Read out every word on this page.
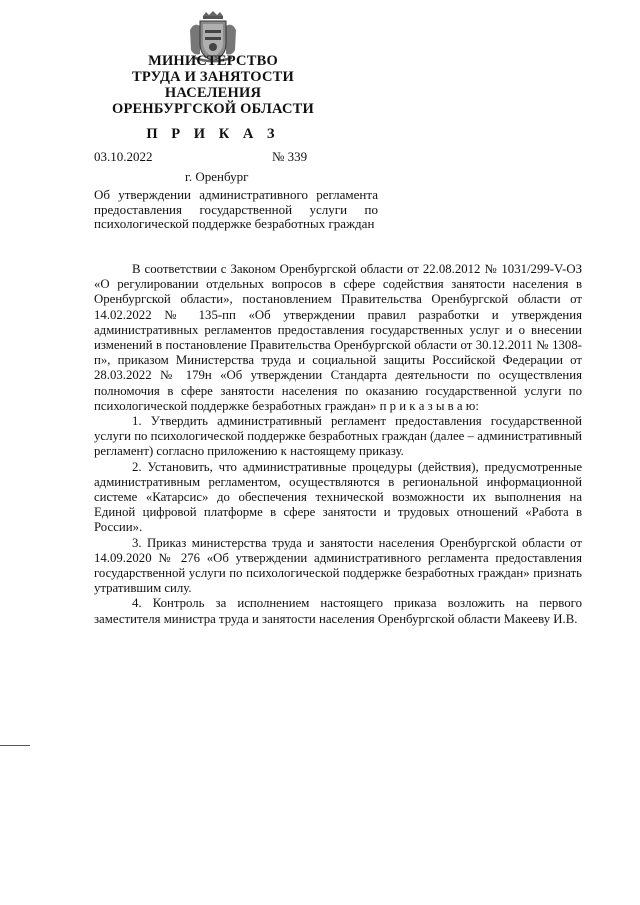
МИНИСТЕРСТВО
ТРУДА И ЗАНЯТОСТИ
НАСЕЛЕНИЯ
ОРЕНБУРГСКОЙ ОБЛАСТИ
П Р И К А З
03.10.2022	№ 339
г. Оренбург
Об утверждении административного регламента предоставления государственной услуги по психологической поддержке безработных граждан

В соответствии с Законом Оренбургской области от 22.08.2012 № 1031/299-V-ОЗ «О регулировании отдельных вопросов в сфере содействия занятости населения в Оренбургской области», постановлением Правительства Оренбургской области от 14.02.2022 № 135-пп «Об утверждении правил разработки и утверждения административных регламентов предоставления государственных услуг и о внесении изменений в постановление Правительства Оренбургской области от 30.12.2011 № 1308-п», приказом Министерства труда и социальной защиты Российской Федерации от 28.03.2022 № 179н «Об утверждении Стандарта деятельности по осуществления полномочия в сфере занятости населения по оказанию государственной услуги по психологической поддержке безработных граждан» п р и к а з ы в а ю:

1. Утвердить административный регламент предоставления государственной услуги по психологической поддержке безработных граждан (далее – административный регламент) согласно приложению к настоящему приказу.

2. Установить, что административные процедуры (действия), предусмотренные административным регламентом, осуществляются в региональной информационной системе «Катарсис» до обеспечения технической возможности их выполнения на Единой цифровой платформе в сфере занятости и трудовых отношений «Работа в России».

3. Приказ министерства труда и занятости населения Оренбургской области от 14.09.2020 № 276 «Об утверждении административного регламента предоставления государственной услуги по психологической поддержке безработных граждан» признать утратившим силу.

4. Контроль за исполнением настоящего приказа возложить на первого заместителя министра труда и занятости населения Оренбургской области Макееву И.В.
